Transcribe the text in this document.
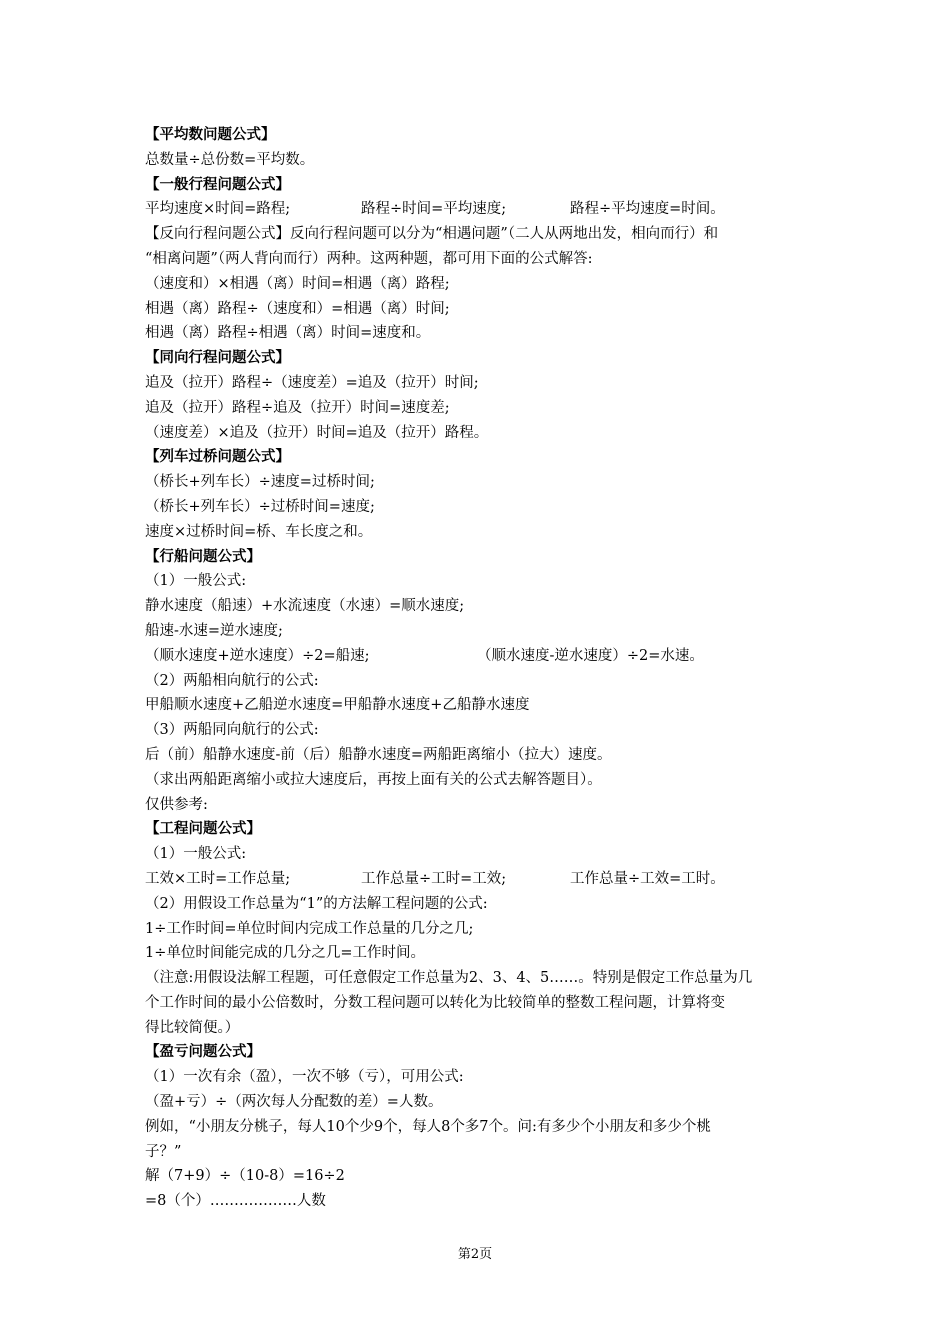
【平均数问题公式】
总数量÷总份数=平均数。
【一般行程问题公式】
平均速度×时间=路程;	路程÷时间=平均速度;	路程÷平均速度=时间。
【反向行程问题公式】反向行程问题可以分为“相遇问题”（二人从两地出发，相向而行）和
“相离问题”（两人背向而行）两种。这两种题，都可用下面的公式解答:
（速度和）×相遇（离）时间=相遇（离）路程;
相遇（离）路程÷（速度和）=相遇（离）时间;
相遇（离）路程÷相遇（离）时间=速度和。
【同向行程问题公式】
追及（拉开）路程÷（速度差）=追及（拉开）时间;
追及（拉开）路程÷追及（拉开）时间=速度差;
（速度差）×追及（拉开）时间=追及（拉开）路程。
【列车过桥问题公式】
（桥长+列车长）÷速度=过桥时间;
（桥长+列车长）÷过桥时间=速度;
速度×过桥时间=桥、车长度之和。
【行船问题公式】
（1）一般公式:
静水速度（船速）+水流速度（水速）=顺水速度;
船速-水速=逆水速度;
（顺水速度+逆水速度）÷2=船速;	（顺水速度-逆水速度）÷2=水速。
（2）两船相向航行的公式:
甲船顺水速度+乙船逆水速度=甲船静水速度+乙船静水速度
（3）两船同向航行的公式:
后（前）船静水速度-前（后）船静水速度=两船距离缩小（拉大）速度。
（求出两船距离缩小或拉大速度后，再按上面有关的公式去解答题目）。
仅供参考:
【工程问题公式】
（1）一般公式:
工效×工时=工作总量;	工作总量÷工时=工效;	工作总量÷工效=工时。
（2）用假设工作总量为“1”的方法解工程问题的公式:
1÷工作时间=单位时间内完成工作总量的几分之几;
1÷单位时间能完成的几分之几=工作时间。
（注意:用假设法解工程题，可任意假定工作总量为2、3、4、5……。特别是假定工作总量为几
个工作时间的最小公倍数时，分数工程问题可以转化为比较简单的整数工程问题，计算将变
得比较简便。）
【盈亏问题公式】
（1）一次有余（盈），一次不够（亏），可用公式:
（盈+亏）÷（两次每人分配数的差）=人数。
例如，“小朋友分桃子，每人10个少9个，每人8个多7个。问:有多少个小朋友和多少个桃
子？”
解（7+9）÷（10-8）=16÷2
=8（个）………………人数
第2页
